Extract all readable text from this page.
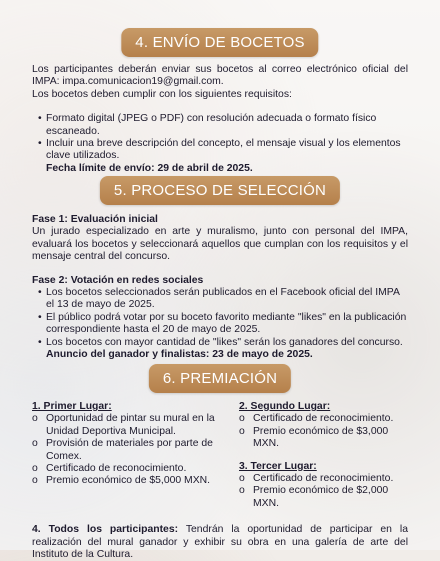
4. ENVÍO DE BOCETOS

Los participantes deberán enviar sus bocetos al correo electrónico oficial del IMPA: impa.comunicacion19@gmail.com.

Los bocetos deben cumplir con los siguientes requisitos:

• Formato digital (JPEG o PDF) con resolución adecuada o formato físico escaneado.
• Incluir una breve descripción del concepto, el mensaje visual y los elementos clave utilizados.

Fecha límite de envío: 29 de abril de 2025.

5. PROCESO DE SELECCIÓN

Fase 1: Evaluación inicial

Un jurado especializado en arte y muralismo, junto con personal del IMPA, evaluará los bocetos y seleccionará aquellos que cumplan con los requisitos y el mensaje central del concurso.

Fase 2: Votación en redes sociales

• Los bocetos seleccionados serán publicados en el Facebook oficial del IMPA el 13 de mayo de 2025.
• El público podrá votar por su boceto favorito mediante "likes" en la publicación correspondiente hasta el 20 de mayo de 2025.
• Los bocetos con mayor cantidad de "likes" serán los ganadores del concurso.

Anuncio del ganador y finalistas: 23 de mayo de 2025.

6. PREMIACIÓN

1. Primer Lugar:

o Oportunidad de pintar su mural en la Unidad Deportiva Municipal.
o Provisión de materiales por parte de Comex.
o Certificado de reconocimiento.
o Premio económico de $5,000 MXN.

2. Segundo Lugar:

o Certificado de reconocimiento.
o Premio económico de $3,000 MXN.

3. Tercer Lugar:

o Certificado de reconocimiento.
o Premio económico de $2,000 MXN.

4. Todos los participantes: Tendrán la oportunidad de participar en la realización del mural ganador y exhibir su obra en una galería de arte del Instituto de la Cultura.
